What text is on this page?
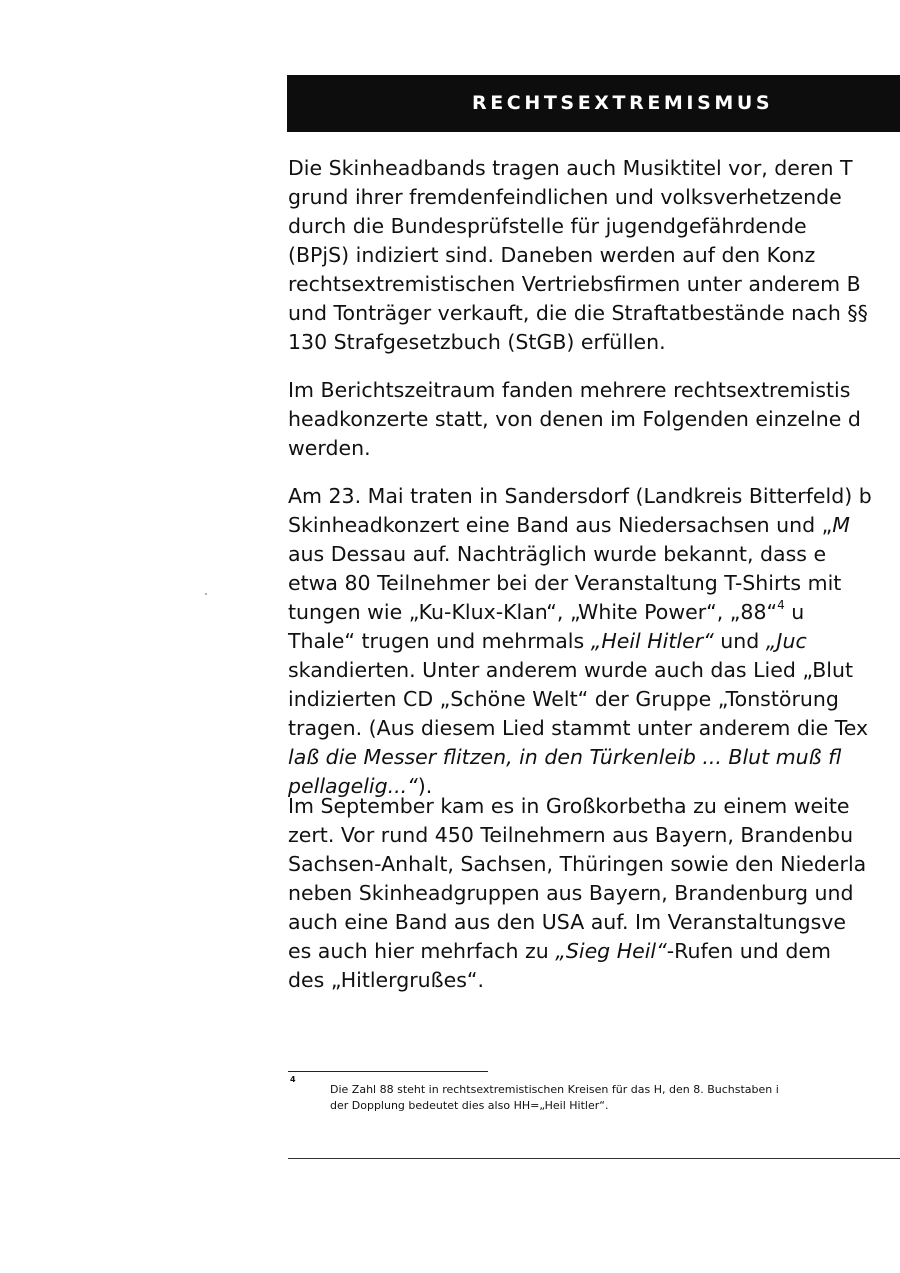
RECHTSEXTREMISMUS

Die Skinheadbands tragen auch Musiktitel vor, deren T
grund ihrer fremdenfeindlichen und volksverhetzende
durch die Bundesprüfstelle für jugendgefährdende
(BPjS) indiziert sind. Daneben werden auf den Konz
rechtsextremistischen Vertriebsfirmen unter anderem B
und Tonträger verkauft, die die Straftatbestände nach §§
130 Strafgesetzbuch (StGB) erfüllen.

Im Berichtszeitraum fanden mehrere rechtsextremistis
headkonzerte statt, von denen im Folgenden einzelne d
werden.

Am 23. Mai traten in Sandersdorf (Landkreis Bitterfeld) b
Skinheadkonzert eine Band aus Niedersachsen und „M
aus Dessau auf. Nachträglich wurde bekannt, dass e
etwa 80 Teilnehmer bei der Veranstaltung T-Shirts mit
tungen wie „Ku-Klux-Klan“, „White Power“, „88“$^4$ u
Thale“ trugen und mehrmals „Heil Hitler“ und „Juc
skandierten. Unter anderem wurde auch das Lied „Blut
indizierten CD „Schöne Welt“ der Gruppe „Tonstörung
tragen. (Aus diesem Lied stammt unter anderem die Tex
laß die Messer flitzen, in den Türkenleib ... Blut muß fl
pellagelig...“).

Im September kam es in Großkorbetha zu einem weite
zert. Vor rund 450 Teilnehmern aus Bayern, Brandenbu
Sachsen-Anhalt, Sachsen, Thüringen sowie den Niederla
neben Skinheadgruppen aus Bayern, Brandenburg und
auch eine Band aus den USA auf. Im Veranstaltungsve
es auch hier mehrfach zu „Sieg Heil“-Rufen und dem
des „Hitlergrußes“.

4
Die Zahl 88 steht in rechtsextremistischen Kreisen für das H, den 8. Buchstaben i
der Dopplung bedeutet dies also HH=„Heil Hitler“.
